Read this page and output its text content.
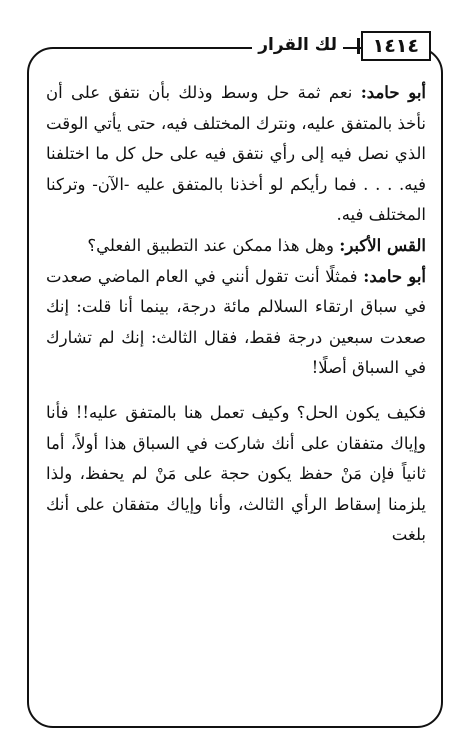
١٤١٤
لك القرار

أبو حامد: نعم ثمة حل وسط وذلك بأن نتفق على أن نأخذ بالمتفق عليه، ونترك المختلف فيه، حتى يأتي الوقت الذي نصل فيه إلى رأي نتفق فيه على حل كل ما اختلفنا فيه. . . . فما رأيكم لو أخذنا بالمتفق عليه -الآن- وتركنا المختلف فيه.

القس الأكبر: وهل هذا ممكن عند التطبيق الفعلي؟

أبو حامد: فمثلًا أنت تقول أنني في العام الماضي صعدت في سباق ارتقاء السلالم مائة درجة، بينما أنا قلت: إنك صعدت سبعين درجة فقط، فقال الثالث: إنك لم تشارك في السباق أصلًا!

فكيف يكون الحل؟ وكيف تعمل هنا بالمتفق عليه!! فأنا وإياك متفقان على أنك شاركت في السباق هذا أولاً، أما ثانياً فإن مَنْ حفظ يكون حجة على مَنْ لم يحفظ، ولذا يلزمنا إسقاط الرأي الثالث، وأنا وإياك متفقان على أنك بلغت
